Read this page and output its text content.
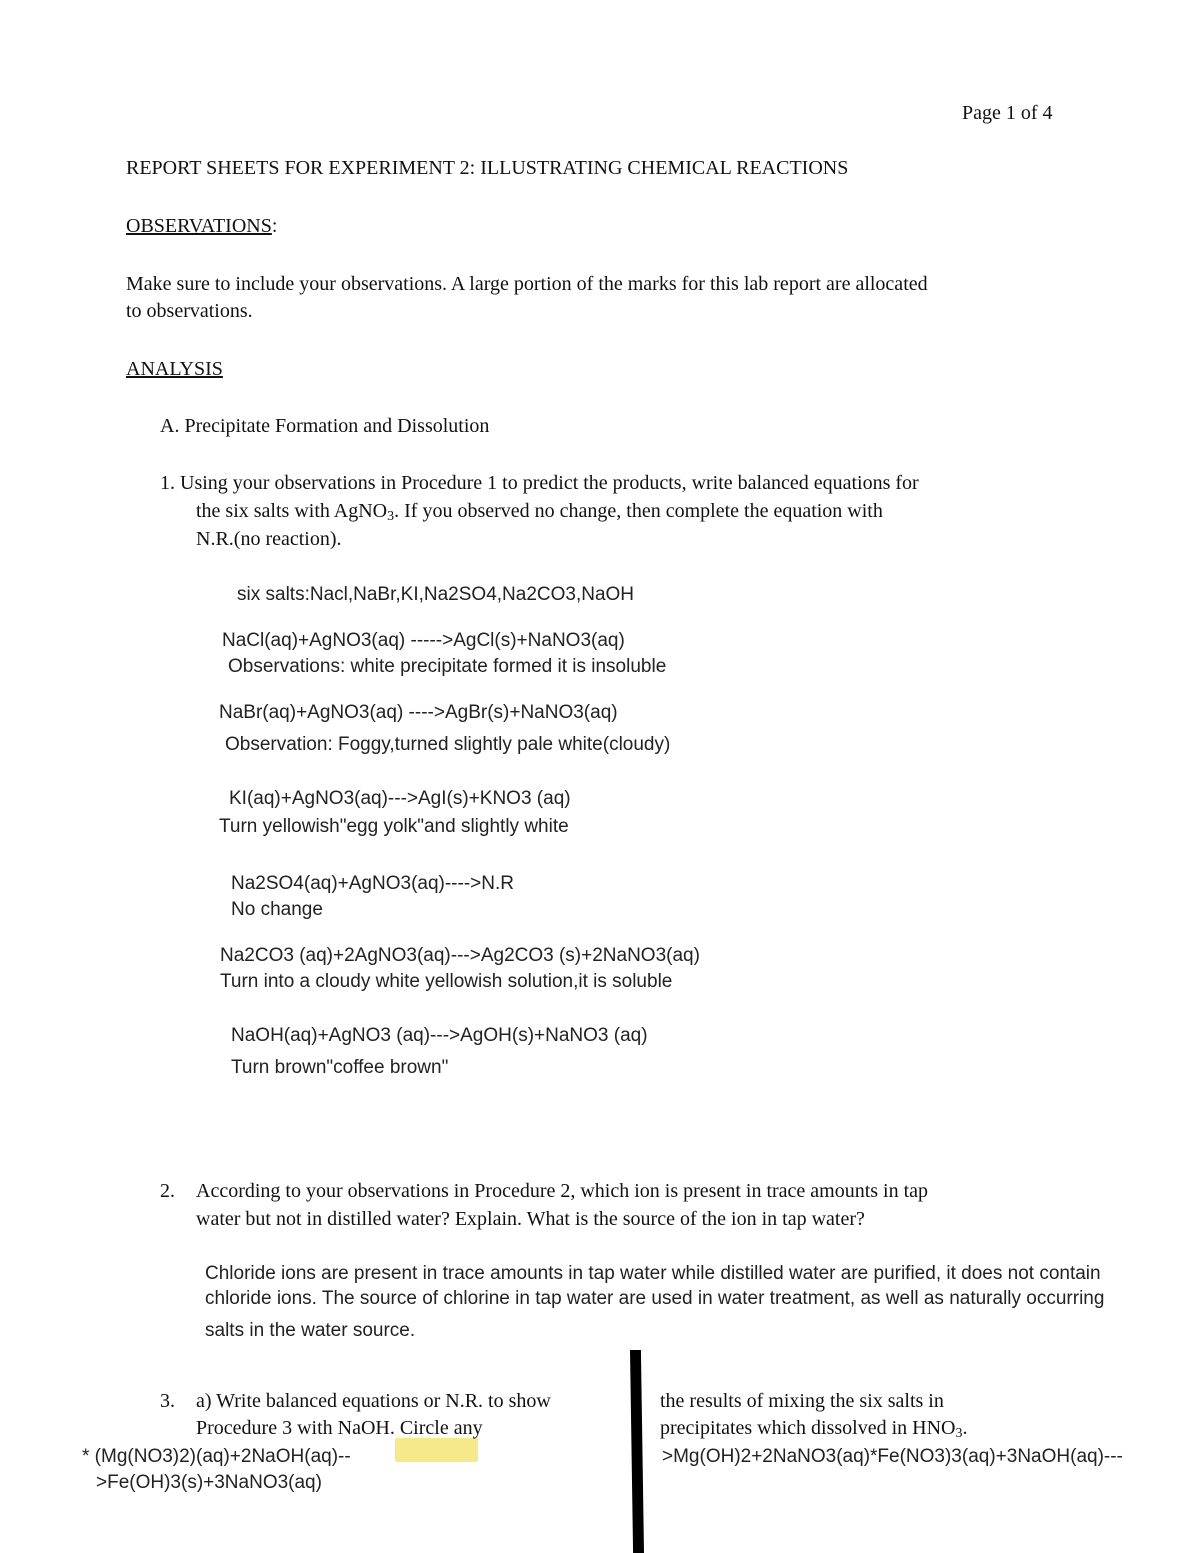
Page 1 of 4
REPORT SHEETS FOR EXPERIMENT 2: ILLUSTRATING CHEMICAL REACTIONS
OBSERVATIONS:
Make sure to include your observations. A large portion of the marks for this lab report are allocated
to observations.
ANALYSIS
A. Precipitate Formation and Dissolution
1. Using your observations in Procedure 1 to predict the products, write balanced equations for
the six salts with AgNO$_3$. If you observed no change, then complete the equation with
N.R.(no reaction).
six salts:Nacl,NaBr,KI,Na2SO4,Na2CO3,NaOH
NaCl(aq)+AgNO3(aq) ----->AgCl(s)+NaNO3(aq)
Observations: white precipitate formed it is insoluble
NaBr(aq)+AgNO3(aq) ---->AgBr(s)+NaNO3(aq)
Observation: Foggy,turned slightly pale white(cloudy)
KI(aq)+AgNO3(aq)--->AgI(s)+KNO3 (aq)
Turn yellowish"egg yolk"and slightly white
Na2SO4(aq)+AgNO3(aq)---->N.R
No change
Na2CO3 (aq)+2AgNO3(aq)--->Ag2CO3 (s)+2NaNO3(aq)
Turn into a cloudy white yellowish solution,it is soluble
NaOH(aq)+AgNO3 (aq)--->AgOH(s)+NaNO3 (aq)
Turn brown"coffee brown"
2. According to your observations in Procedure 2, which ion is present in trace amounts in tap
water but not in distilled water? Explain. What is the source of the ion in tap water?
Chloride ions are present in trace amounts in tap water while distilled water are purified, it does not contain
chloride ions. The source of chlorine in tap water are used in water treatment, as well as naturally occurring
salts in the water source.
3. a) Write balanced equations or N.R. to show
Procedure 3 with NaOH. Circle any
the results of mixing the six salts in
precipitates which dissolved in $HNO_3$.
* (Mg(NO3)2)(aq)+2NaOH(aq)--
>Fe(OH)3(s)+3NaNO3(aq)
>Mg(OH)2+2NaNO3(aq)*Fe(NO3)3(aq)+3NaOH(aq)---
